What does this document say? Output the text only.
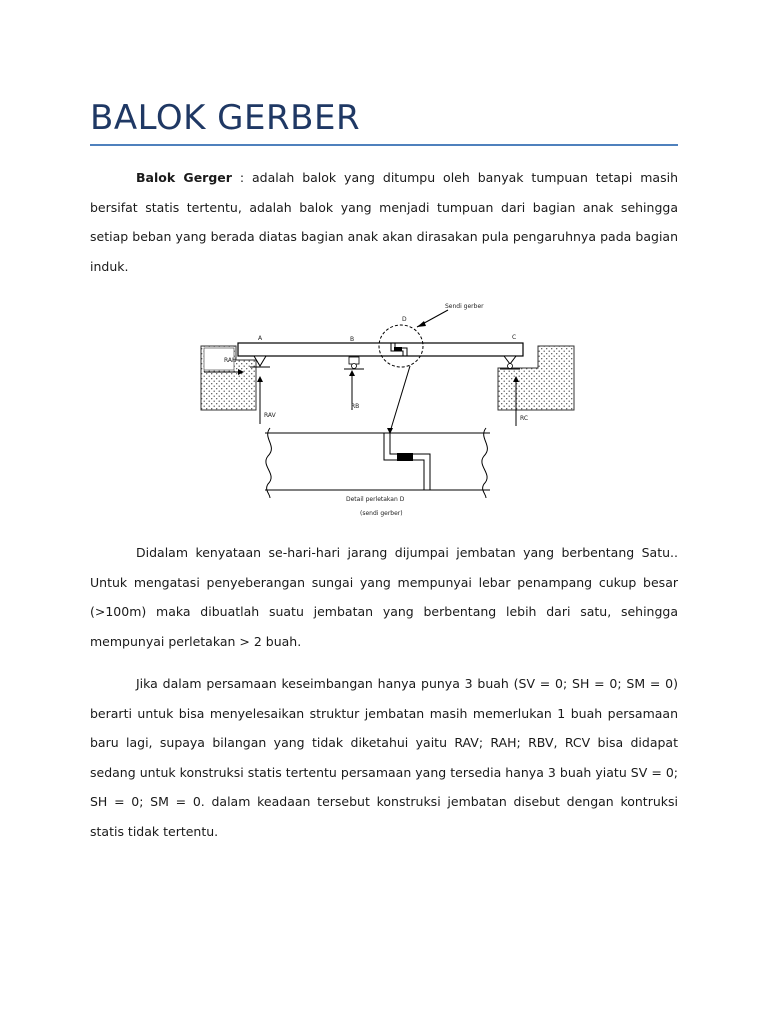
BALOK GERBER

Balok Gerger : adalah balok yang ditumpu oleh banyak tumpuan tetapi masih bersifat statis tertentu, adalah balok yang menjadi tumpuan dari bagian anak sehingga setiap beban yang berada diatas bagian anak akan dirasakan pula pengaruhnya pada bagian induk.

RAH
RAV	RC
A	B
RB
C
D
Sendi gerber
Detail perletakan D
(sendi gerber)

Didalam kenyataan se-hari-hari jarang dijumpai jembatan yang berbentang Satu.. Untuk mengatasi penyeberangan sungai yang mempunyai lebar penampang cukup besar (>100m) maka dibuatlah suatu jembatan yang berbentang lebih dari satu, sehingga mempunyai perletakan > 2 buah.

Jika dalam persamaan keseimbangan hanya punya 3 buah (SV = 0; SH = 0; SM = 0) berarti untuk bisa menyelesaikan struktur jembatan masih memerlukan 1 buah persamaan baru lagi, supaya bilangan yang tidak diketahui yaitu RAV; RAH; RBV, RCV bisa didapat sedang untuk konstruksi statis tertentu persamaan yang tersedia hanya 3 buah yiatu SV = 0; SH = 0; SM = 0. dalam keadaan tersebut konstruksi jembatan disebut dengan kontruksi statis tidak tertentu.
